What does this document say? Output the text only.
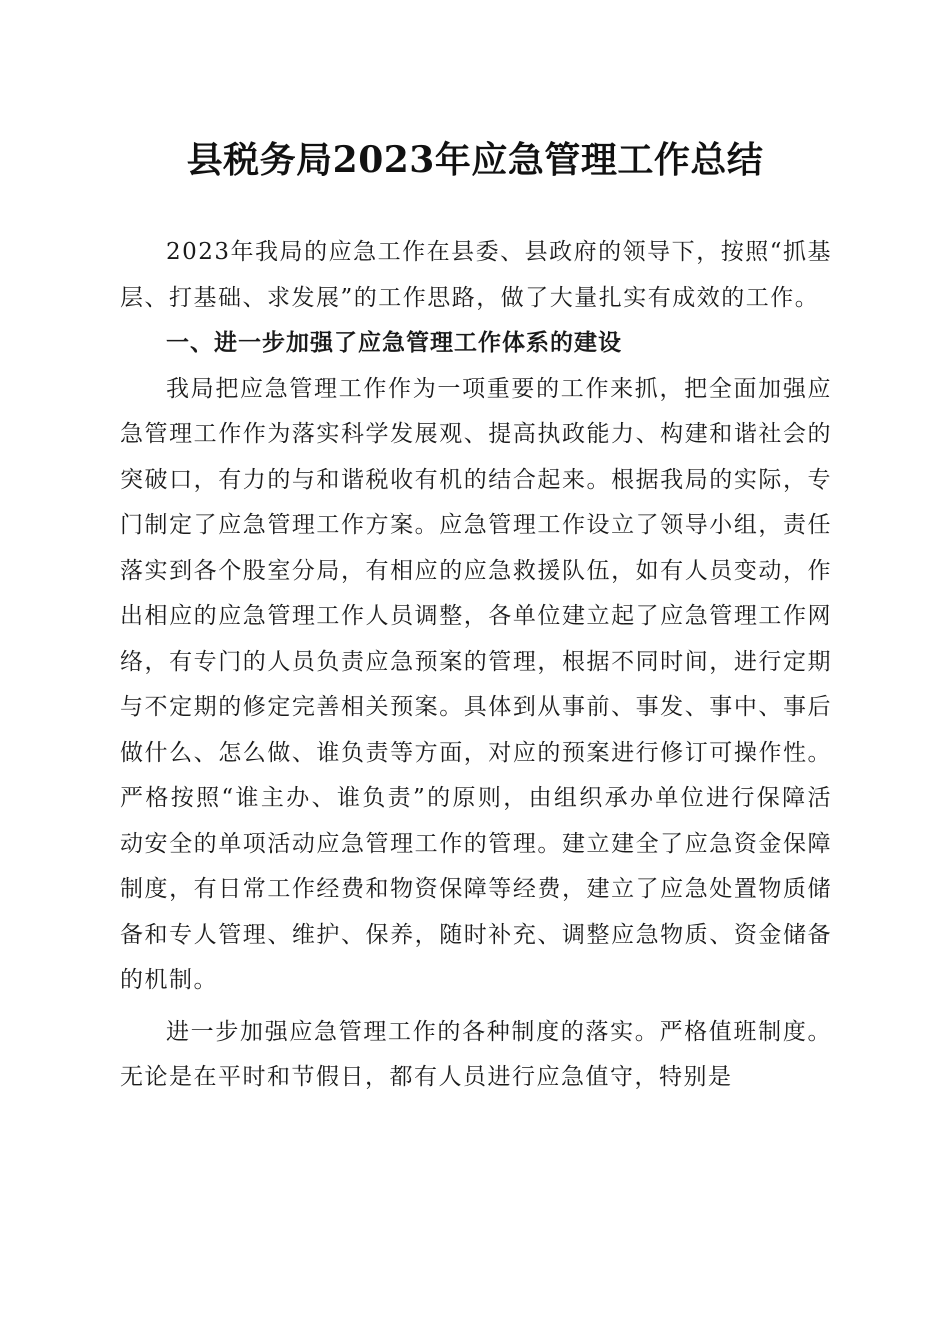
县税务局2023年应急管理工作总结

2023年我局的应急工作在县委、县政府的领导下，按照“抓基层、打基础、求发展”的工作思路，做了大量扎实有成效的工作。

一、进一步加强了应急管理工作体系的建设

我局把应急管理工作作为一项重要的工作来抓，把全面加强应急管理工作作为落实科学发展观、提高执政能力、构建和谐社会的突破口，有力的与和谐税收有机的结合起来。根据我局的实际，专门制定了应急管理工作方案。应急管理工作设立了领导小组，责任落实到各个股室分局，有相应的应急救援队伍，如有人员变动，作出相应的应急管理工作人员调整，各单位建立起了应急管理工作网络，有专门的人员负责应急预案的管理，根据不同时间，进行定期与不定期的修定完善相关预案。具体到从事前、事发、事中、事后做什么、怎么做、谁负责等方面，对应的预案进行修订可操作性。严格按照“谁主办、谁负责”的原则，由组织承办单位进行保障活动安全的单项活动应急管理工作的管理。建立建全了应急资金保障制度，有日常工作经费和物资保障等经费，建立了应急处置物质储备和专人管理、维护、保养，随时补充、调整应急物质、资金储备的机制。

进一步加强应急管理工作的各种制度的落实。严格值班制度。无论是在平时和节假日，都有人员进行应急值守，特别是
